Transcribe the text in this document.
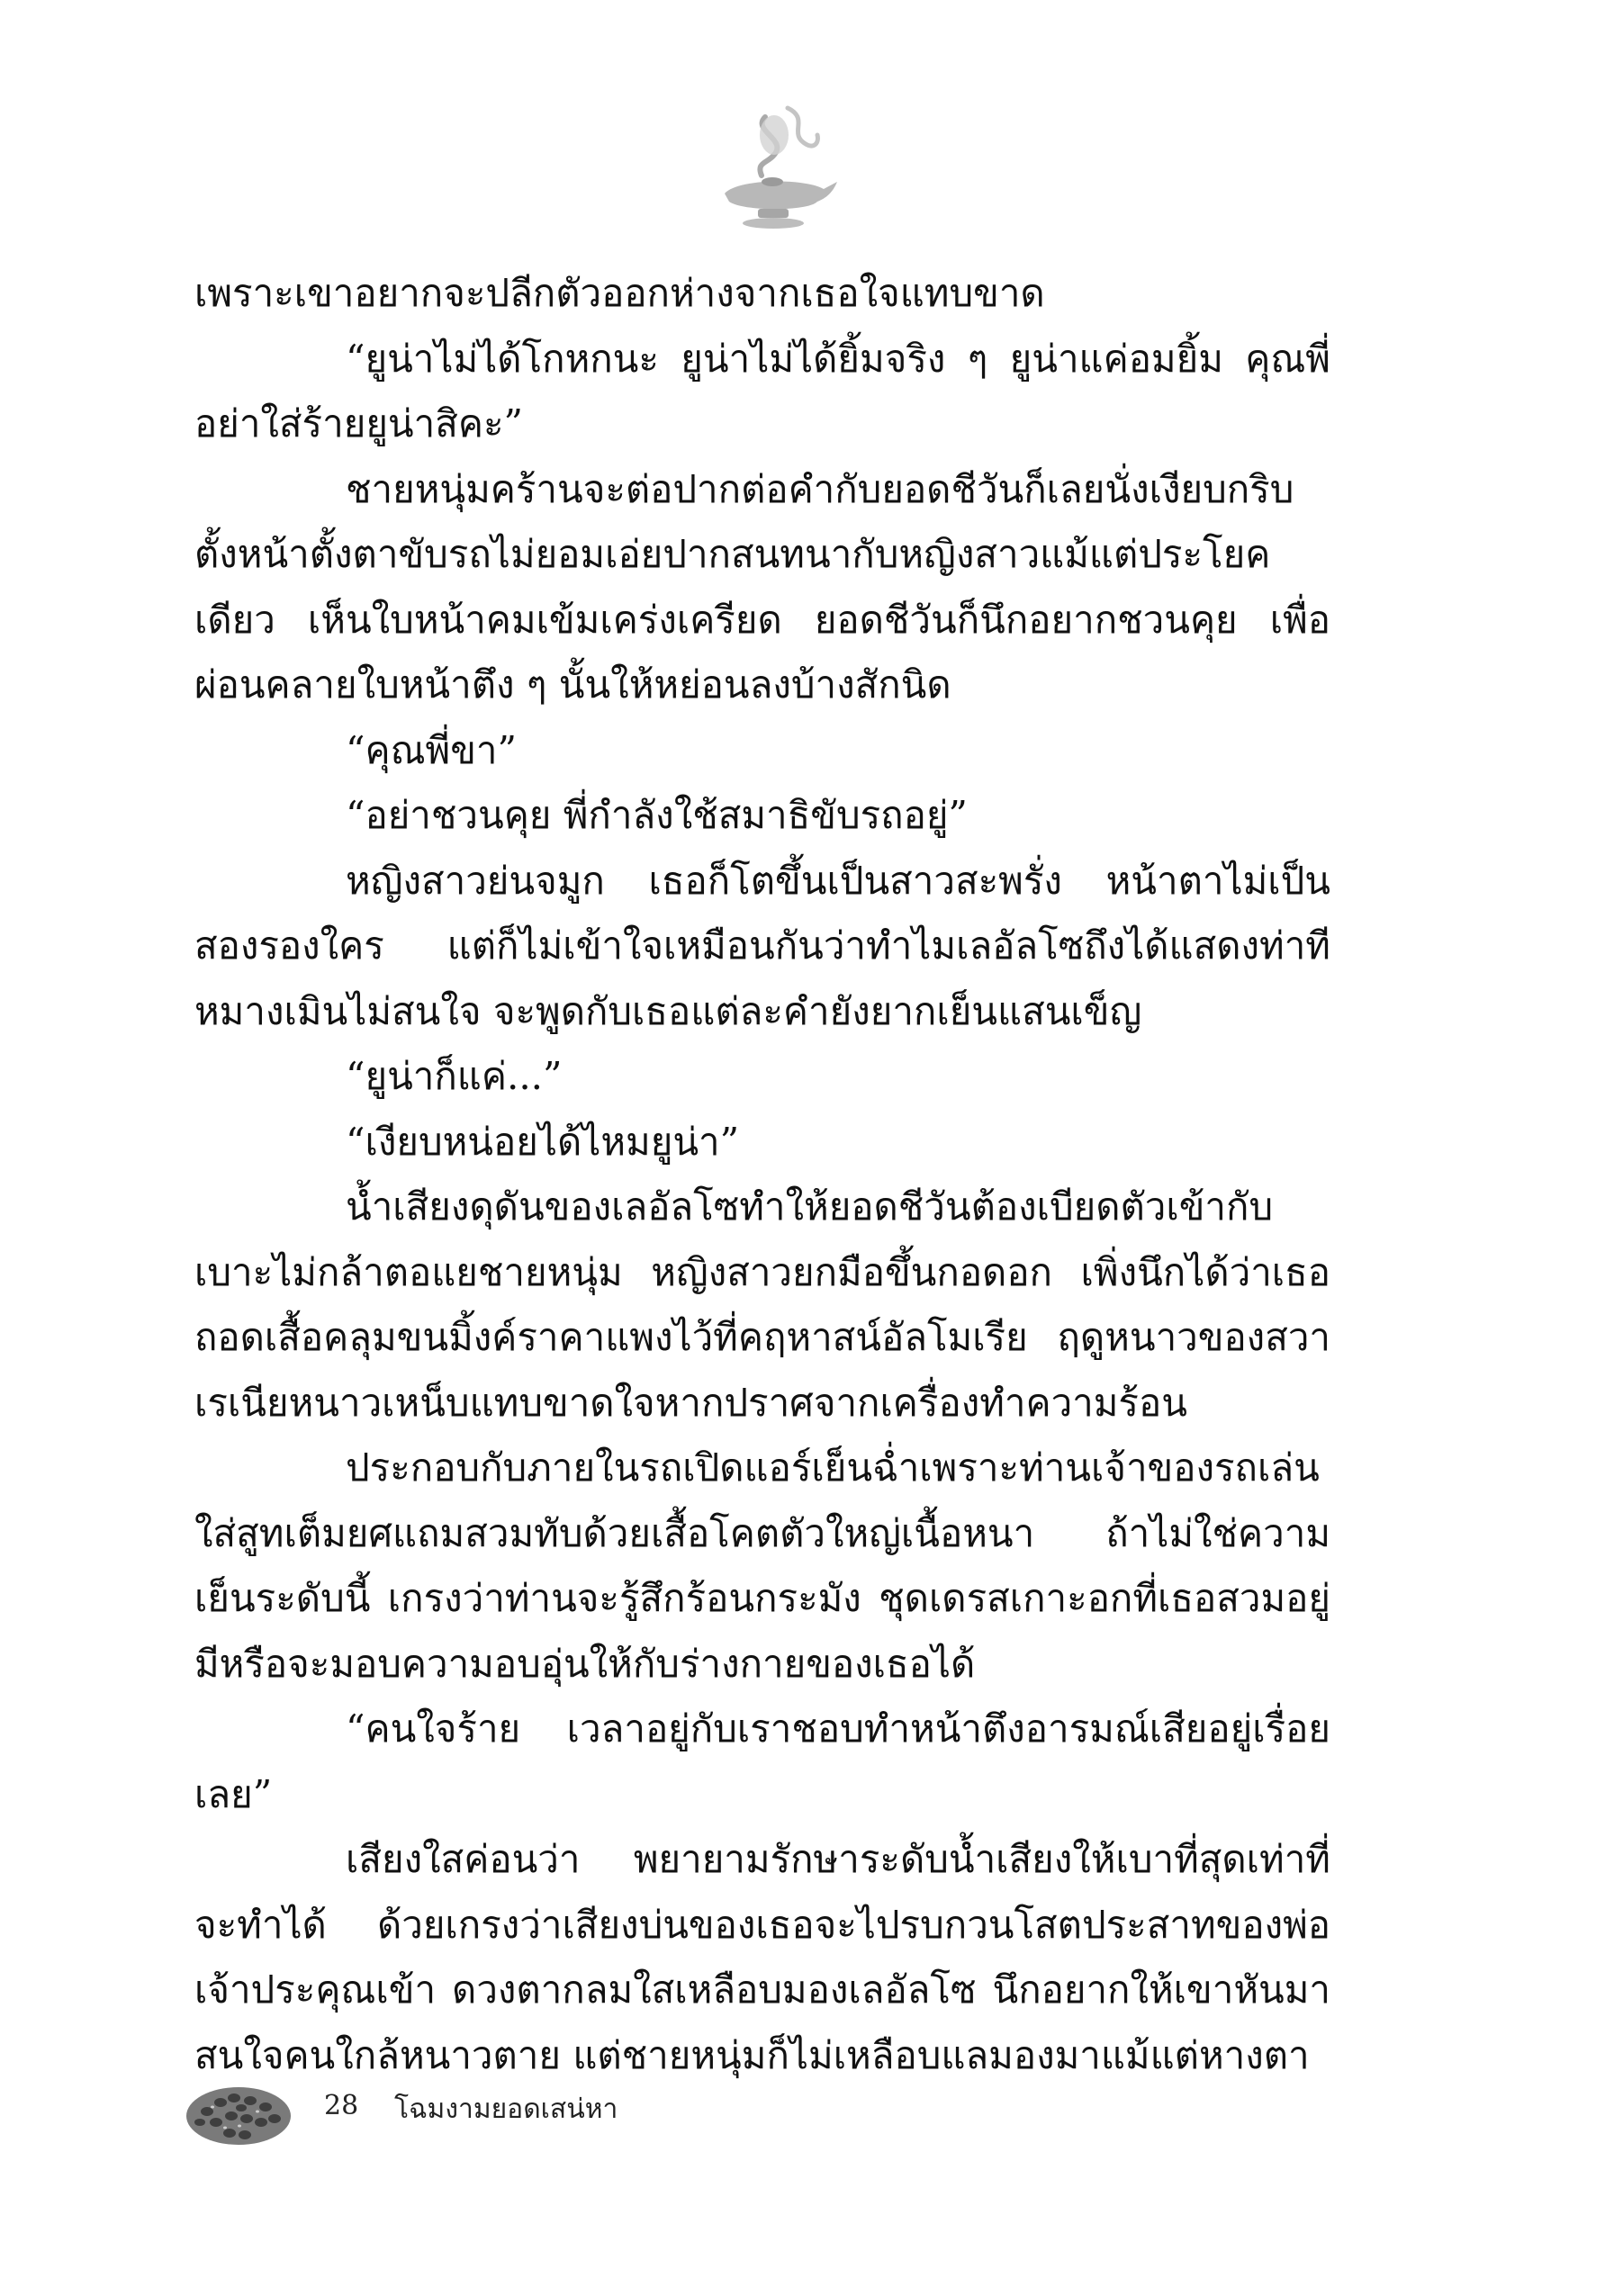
เพราะเขาอยากจะปลีกตัวออกห่างจากเธอใจแทบขาด

“ยูน่าไม่ได้โกหกนะ ยูน่าไม่ได้ยิ้มจริง ๆ ยูน่าแค่อมยิ้ม คุณพี่อย่าใส่ร้ายยูน่าสิคะ”

ชายหนุ่มคร้านจะต่อปากต่อคำกับยอดชีวันก็เลยนั่งเงียบกริบ ตั้งหน้าตั้งตาขับรถไม่ยอมเอ่ยปากสนทนากับหญิงสาวแม้แต่ประโยคเดียว เห็นใบหน้าคมเข้มเคร่งเครียด ยอดชีวันก็นึกอยากชวนคุย เพื่อผ่อนคลายใบหน้าตึง ๆ นั้นให้หย่อนลงบ้างสักนิด

“คุณพี่ขา”

“อย่าชวนคุย พี่กำลังใช้สมาธิขับรถอยู่”

หญิงสาวย่นจมูก เธอก็โตขึ้นเป็นสาวสะพรั่ง หน้าตาไม่เป็นสองรองใคร แต่ก็ไม่เข้าใจเหมือนกันว่าทำไมเลอัลโซถึงได้แสดงท่าทีหมางเมินไม่สนใจ จะพูดกับเธอแต่ละคำยังยากเย็นแสนเข็ญ

“ยูน่าก็แค่...”

“เงียบหน่อยได้ไหมยูน่า”

น้ำเสียงดุดันของเลอัลโซทำให้ยอดชีวันต้องเบียดตัวเข้ากับเบาะไม่กล้าตอแยชายหนุ่ม หญิงสาวยกมือขึ้นกอดอก เพิ่งนึกได้ว่าเธอถอดเสื้อคลุมขนมิ้งค์ราคาแพงไว้ที่คฤหาสน์อัลโมเรีย ฤดูหนาวของสวาเรเนียหนาวเหน็บแทบขาดใจหากปราศจากเครื่องทำความร้อน

ประกอบกับภายในรถเปิดแอร์เย็นฉ่ำเพราะท่านเจ้าของรถเล่นใส่สูทเต็มยศแถมสวมทับด้วยเสื้อโคตตัวใหญ่เนื้อหนา ถ้าไม่ใช่ความเย็นระดับนี้ เกรงว่าท่านจะรู้สึกร้อนกระมัง ชุดเดรสเกาะอกที่เธอสวมอยู่มีหรือจะมอบความอบอุ่นให้กับร่างกายของเธอได้

“คนใจร้าย เวลาอยู่กับเราชอบทำหน้าตึงอารมณ์เสียอยู่เรื่อยเลย”

เสียงใสค่อนว่า พยายามรักษาระดับน้ำเสียงให้เบาที่สุดเท่าที่จะทำได้ ด้วยเกรงว่าเสียงบ่นของเธอจะไปรบกวนโสตประสาทของพ่อเจ้าประคุณเข้า ดวงตากลมใสเหลือบมองเลอัลโซ นึกอยากให้เขาหันมาสนใจคนใกล้หนาวตาย แต่ชายหนุ่มก็ไม่เหลือบแลมองมาแม้แต่หางตา

28 โฉมงามยอดเสน่หา
